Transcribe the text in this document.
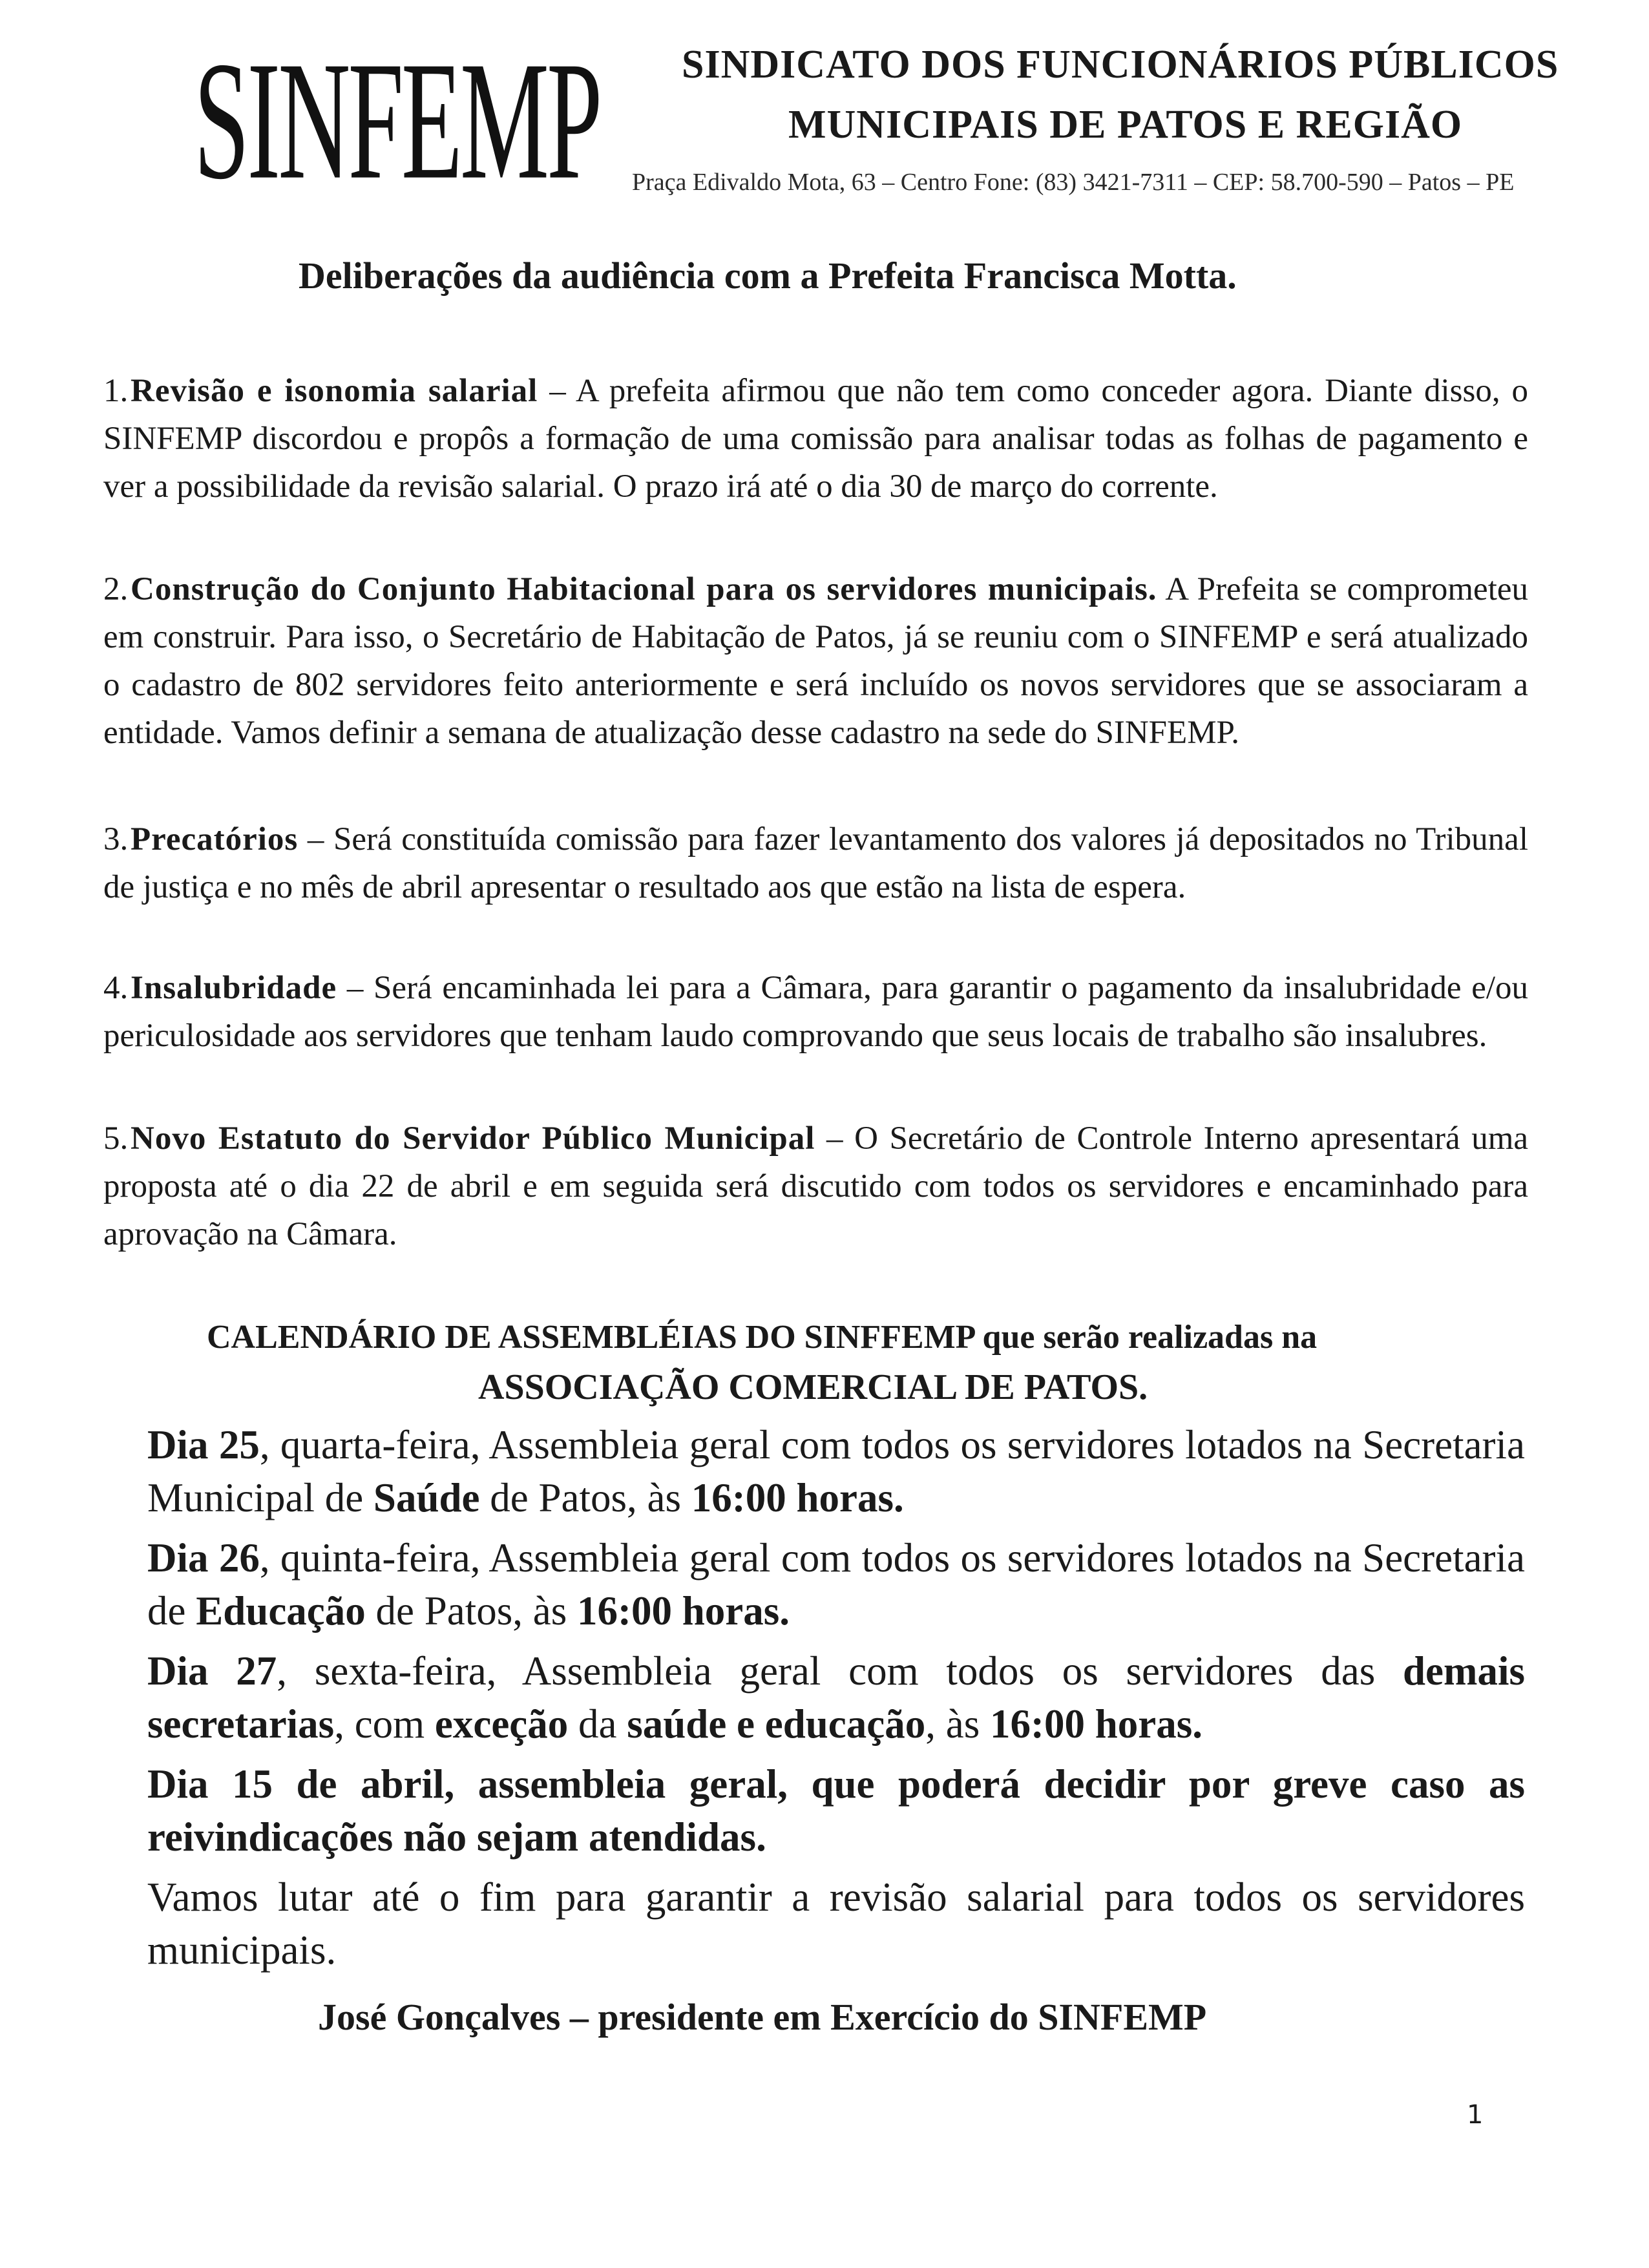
SINFEMP SINDICATO DOS FUNCIONÁRIOS PÚBLICOS
MUNICIPAIS DE PATOS E REGIÃO
Praça Edivaldo Mota, 63 – Centro Fone: (83) 3421-7311 – CEP: 58.700-590 – Patos – PE
Deliberações da audiência com a Prefeita Francisca Motta.
1.Revisão e isonomia salarial – A prefeita afirmou que não tem como conceder agora. Diante disso, o SINFEMP discordou e propôs a formação de uma comissão para analisar todas as folhas de pagamento e ver a possibilidade da revisão salarial. O prazo irá até o dia 30 de março do corrente.
2.Construção do Conjunto Habitacional para os servidores municipais. A Prefeita se comprometeu em construir. Para isso, o Secretário de Habitação de Patos, já se reuniu com o SINFEMP e será atualizado o cadastro de 802 servidores feito anteriormente e será incluído os novos servidores que se associaram a entidade. Vamos definir a semana de atualização desse cadastro na sede do SINFEMP.
3.Precatórios – Será constituída comissão para fazer levantamento dos valores já depositados no Tribunal de justiça e no mês de abril apresentar o resultado aos que estão na lista de espera.
4.Insalubridade – Será encaminhada lei para a Câmara, para garantir o pagamento da insalubridade e/ou periculosidade aos servidores que tenham laudo comprovando que seus locais de trabalho são insalubres.
5.Novo Estatuto do Servidor Público Municipal – O Secretário de Controle Interno apresentará uma proposta até o dia 22 de abril e em seguida será discutido com todos os servidores e encaminhado para aprovação na Câmara.
CALENDÁRIO DE ASSEMBLÉIAS DO SINFFEMP que serão realizadas na
ASSOCIAÇÃO COMERCIAL DE PATOS.
Dia 25, quarta-feira, Assembleia geral com todos os servidores lotados na Secretaria Municipal de Saúde de Patos, às 16:00 horas.
Dia 26, quinta-feira, Assembleia geral com todos os servidores lotados na Secretaria de Educação de Patos, às 16:00 horas.
Dia 27, sexta-feira, Assembleia geral com todos os servidores das demais secretarias, com exceção da saúde e educação, às 16:00 horas.
Dia 15 de abril, assembleia geral, que poderá decidir por greve caso as reivindicações não sejam atendidas.
Vamos lutar até o fim para garantir a revisão salarial para todos os servidores municipais.
José Gonçalves – presidente em Exercício do SINFEMP
1
